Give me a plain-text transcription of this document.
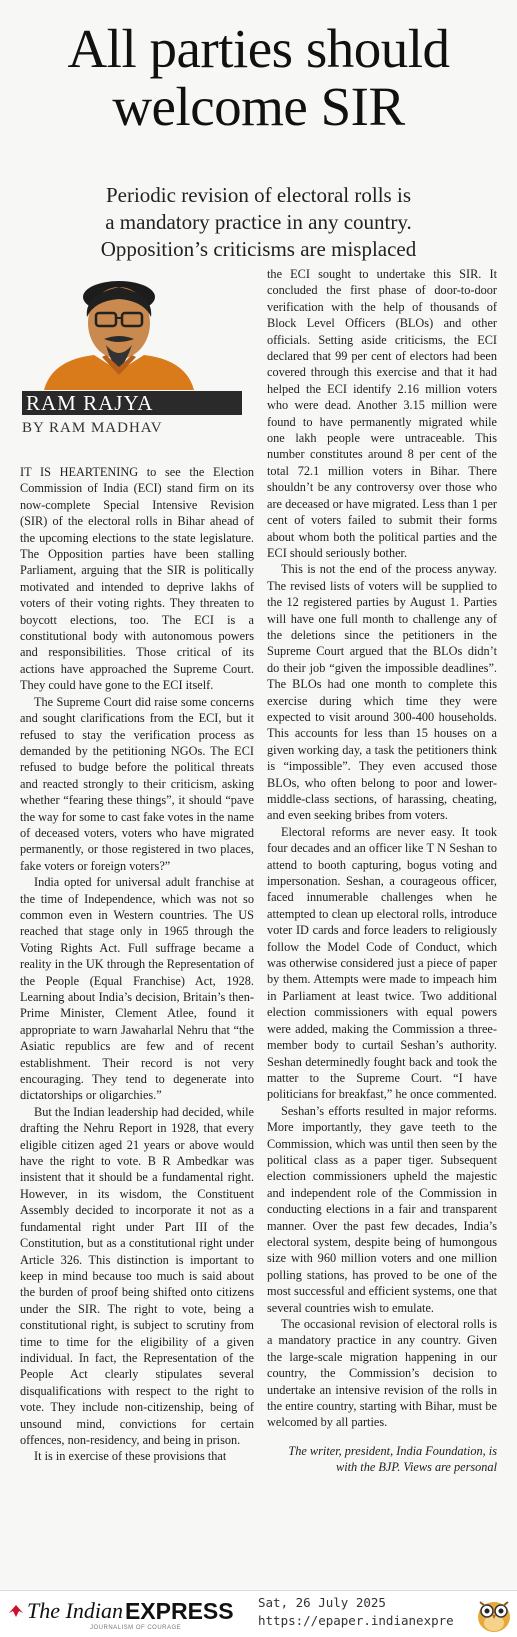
All parties should
welcome SIR
Periodic revision of electoral rolls is
a mandatory practice in any country.
Opposition’s criticisms are misplaced
RAM RAJYA
BY RAM MADHAV

IT IS HEARTENING to see the Election Commission of India (ECI) stand firm on its now-complete Special Intensive Revision (SIR) of the electoral rolls in Bihar ahead of the upcoming elections to the state legislature. The Opposition parties have been stalling Parliament, arguing that the SIR is politically motivated and intended to deprive lakhs of voters of their voting rights. They threaten to boycott elections, too. The ECI is a constitutional body with autonomous powers and responsibilities. Those critical of its actions have approached the Supreme Court. They could have gone to the ECI itself.

The Supreme Court did raise some concerns and sought clarifications from the ECI, but it refused to stay the verification process as demanded by the petitioning NGOs. The ECI refused to budge before the political threats and reacted strongly to their criticism, asking whether “fearing these things”, it should “pave the way for some to cast fake votes in the name of deceased voters, voters who have migrated permanently, or those registered in two places, fake voters or foreign voters?”

India opted for universal adult franchise at the time of Independence, which was not so common even in Western countries. The US reached that stage only in 1965 through the Voting Rights Act. Full suffrage became a reality in the UK through the Representation of the People (Equal Franchise) Act, 1928. Learning about India’s decision, Britain’s then-Prime Minister, Clement Atlee, found it appropriate to warn Jawaharlal Nehru that “the Asiatic republics are few and of recent establishment. Their record is not very encouraging. They tend to degenerate into dictatorships or oligarchies.”

But the Indian leadership had decided, while drafting the Nehru Report in 1928, that every eligible citizen aged 21 years or above would have the right to vote. B R Ambedkar was insistent that it should be a fundamental right. However, in its wisdom, the Constituent Assembly decided to incorporate it not as a fundamental right under Part III of the Constitution, but as a constitutional right under Article 326. This distinction is important to keep in mind because too much is said about the burden of proof being shifted onto citizens under the SIR. The right to vote, being a constitutional right, is subject to scrutiny from time to time for the eligibility of a given individual. In fact, the Representation of the People Act clearly stipulates several disqualifications with respect to the right to vote. They include non-citizenship, being of unsound mind, convictions for certain offences, non-residency, and being in prison.

It is in exercise of these provisions that

the ECI sought to undertake this SIR. It concluded the first phase of door-to-door verification with the help of thousands of Block Level Officers (BLOs) and other officials. Setting aside criticisms, the ECI declared that 99 per cent of electors had been covered through this exercise and that it had helped the ECI identify 2.16 million voters who were dead. Another 3.15 million were found to have permanently migrated while one lakh people were untraceable. This number constitutes around 8 per cent of the total 72.1 million voters in Bihar. There shouldn’t be any controversy over those who are deceased or have migrated. Less than 1 per cent of voters failed to submit their forms about whom both the political parties and the ECI should seriously bother.

This is not the end of the process anyway. The revised lists of voters will be supplied to the 12 registered parties by August 1. Parties will have one full month to challenge any of the deletions since the petitioners in the Supreme Court argued that the BLOs didn’t do their job “given the impossible deadlines”. The BLOs had one month to complete this exercise during which time they were expected to visit around 300-400 households. This accounts for less than 15 houses on a given working day, a task the petitioners think is “impossible”. They even accused those BLOs, who often belong to poor and lower-middle-class sections, of harassing, cheating, and even seeking bribes from voters.

Electoral reforms are never easy. It took four decades and an officer like T N Seshan to attend to booth capturing, bogus voting and impersonation. Seshan, a courageous officer, faced innumerable challenges when he attempted to clean up electoral rolls, introduce voter ID cards and force leaders to religiously follow the Model Code of Conduct, which was otherwise considered just a piece of paper by them. Attempts were made to impeach him in Parliament at least twice. Two additional election commissioners with equal powers were added, making the Commission a three-member body to curtail Seshan’s authority. Seshan determinedly fought back and took the matter to the Supreme Court. “I have politicians for breakfast,” he once commented.

Seshan’s efforts resulted in major reforms. More importantly, they gave teeth to the Commission, which was until then seen by the political class as a paper tiger. Subsequent election commissioners upheld the majestic and independent role of the Commission in conducting elections in a fair and transparent manner. Over the past few decades, India’s electoral system, despite being of humongous size with 960 million voters and one million polling stations, has proved to be one of the most successful and efficient systems, one that several countries wish to emulate.

The occasional revision of electoral rolls is a mandatory practice in any country. Given the large-scale migration happening in our country, the Commission’s decision to undertake an intensive revision of the rolls in the entire country, starting with Bihar, must be welcomed by all parties.

The writer, president, India Foundation, is
with the BJP. Views are personal

The Indian EXPRESS
JOURNALISM OF COURAGE
Sat, 26 July 2025
https://epaper.indianexpre
